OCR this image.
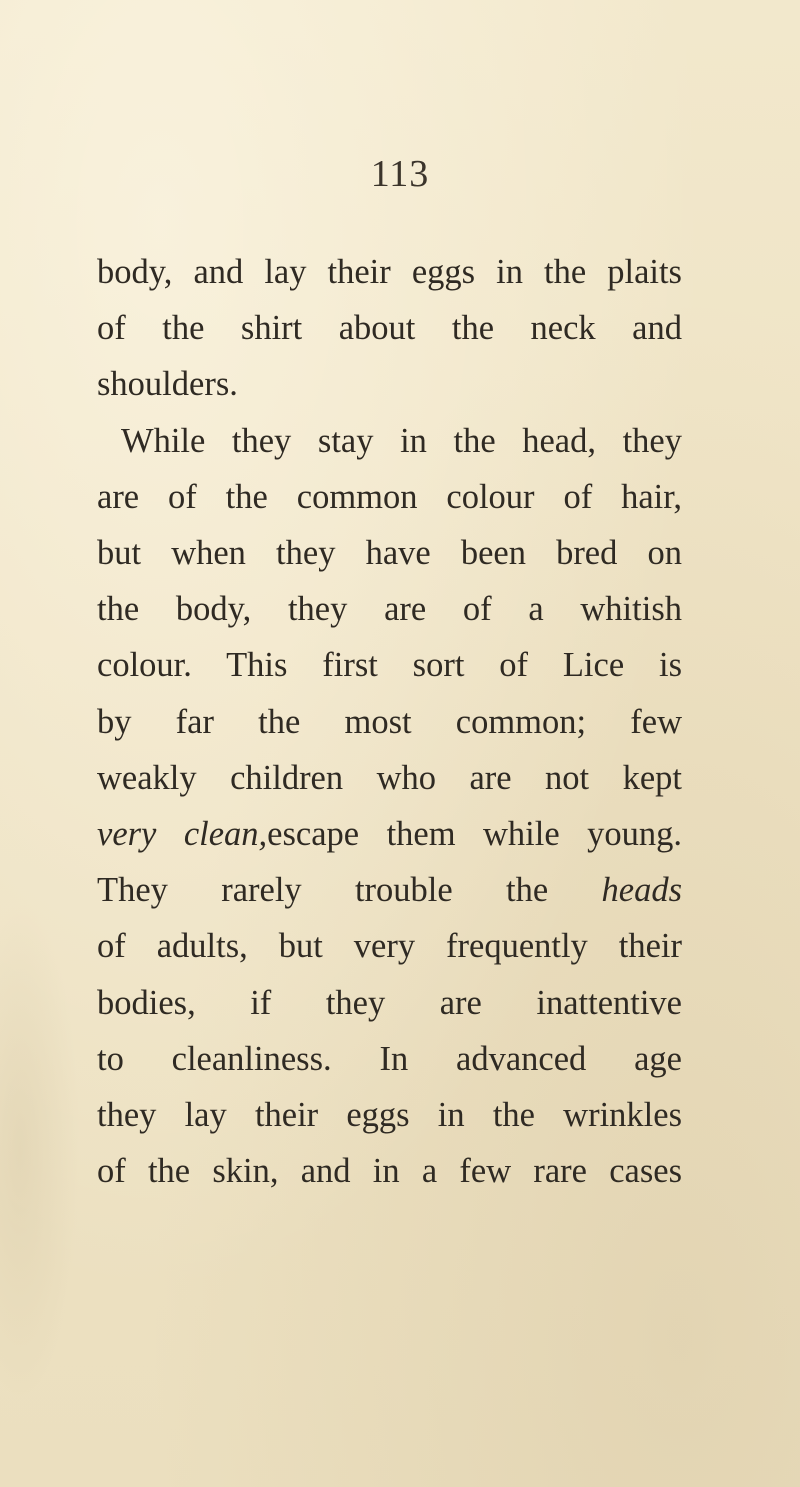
113
body, and lay their eggs in the plaits
of the shirt about the neck and
shoulders.
While they stay in the head, they
are of the common colour of hair,
but when they have been bred on
the body, they are of a whitish
colour. This first sort of Lice is
by far the most common; few
weakly children who are not kept
very clean,escape them while young.
They rarely trouble the heads
of adults, but very frequently their
bodies, if they are inattentive
to cleanliness. In advanced age
they lay their eggs in the wrinkles
of the skin, and in a few rare cases
